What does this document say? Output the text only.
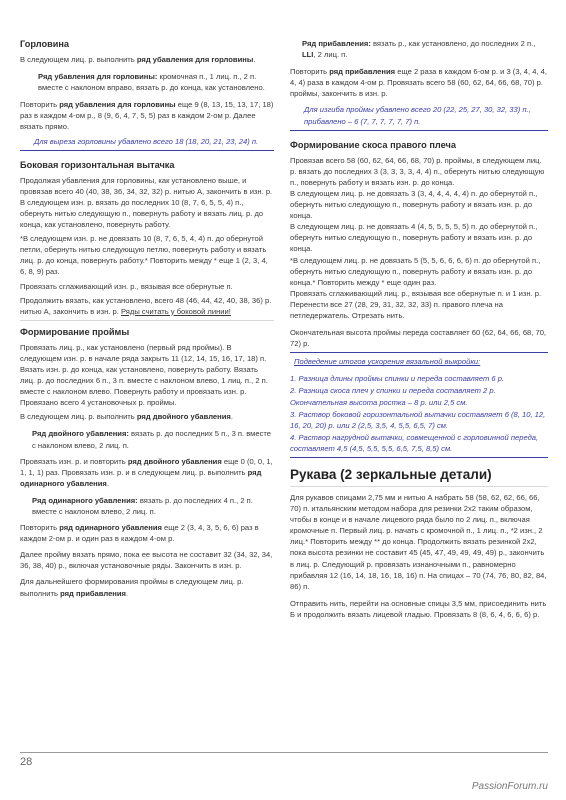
Горловина

В следующем лиц. р. выполнить ряд убавления для горловины.

Ряд убавления для горловины: кромочная п., 1 лиц. п., 2 п. вместе с наклоном вправо, вязать р. до конца, как установлено.

Повторить ряд убавления для горловины еще 9 (8, 13, 15, 13, 17, 18) раз в каждом 4-ом р., 8 (9, 6, 4, 7, 5, 5) раз в каждом 2-ом р. Далее вязать прямо.

Для выреза горловины убавлено всего 18 (18, 20, 21, 23, 24) п.

Боковая горизонтальная вытачка

Продолжая убавления для горловины, как установлено выше, и провязав всего 40 (40, 38, 36, 34, 32, 32) р. нитью А, закончить в изн. р. В следующем изн. р. вязать до последних 10 (8, 7, 6, 5, 5, 4) п., обернуть нитью следующую п., повернуть работу и вязать лиц. р. до конца, как установлено, повернуть работу.

*В следующем изн. р. не довязать 10 (8, 7, 6, 5, 4, 4) п. до обернутой петли, обернуть нитью следующую петлю, повернуть работу и вязать лиц. р. до конца, повернуть работу.* Повторить между * еще 1 (2, 3, 4, 6, 8, 9) раз.

Провязать сглаживающий изн. р., вязывая все обернутые п.

Продолжить вязать, как установлено, всего 48 (46, 44, 42, 40, 38, 36) р. нитью А, закончить в изн. р. Ряды считать у боковой линии!

Формирование проймы

Провязать лиц. р., как установлено (первый ряд проймы). В следующем изн. р. в начале ряда закрыть 11 (12, 14, 15, 16, 17, 18) п. Вязать изн. р. до конца, как установлено, повернуть работу. Вязать лиц. р. до последних 6 п., 3 п. вместе с наклоном влево, 1 лиц. п., 2 п. вместе с наклоном влево. Повернуть работу и провязать изн. р. Провязано всего 4 установочных р. проймы.

В следующем лиц. р. выполнить ряд двойного убавления.

Ряд двойного убавления: вязать р. до последних 5 п., 3 п. вместе с наклоном влево, 2 лиц. п.

Провязать изн. р. и повторить ряд двойного убавления еще 0 (0, 0, 1, 1, 1, 1) раз. Провязать изн. р. и в следующем лиц. р. выполнить ряд одинарного убавления.

Ряд одинарного убавления: вязать р. до последних 4 п., 2 п. вместе с наклоном влево, 2 лиц. п.

Повторить ряд одинарного убавления еще 2 (3, 4, 3, 5, 6, 6) раз в каждом 2-ом р. и один раз в каждом 4-ом р.

Далее пройму вязать прямо, пока ее высота не составит 32 (34, 32, 34, 36, 38, 40) р., включая установочные ряды. Закончить в изн. р.

Для дальнейшего формирования проймы в следующем лиц. р. выполнить ряд прибавления.

Ряд прибавления: вязать р., как установлено, до последних 2 п., LLI, 2 лиц. п.

Повторить ряд прибавления еще 2 раза в каждом 6-ом р. и 3 (3, 4, 4, 4, 4, 4) раза в каждом 4-ом р. Провязать всего 58 (60, 62, 64, 66, 68, 70) р. проймы, закончить в изн. р.

Для изгиба проймы убавлено всего 20 (22, 25, 27, 30, 32, 33) п., прибавлено – 6 (7, 7, 7, 7, 7, 7) п.

Формирование скоса правого плеча

Провязав всего 58 (60, 62, 64, 66, 68, 70) р. проймы, в следующем лиц. р. вязать до последних 3 (3, 3, 3, 3, 4, 4) п., обернуть нитью следующую п., повернуть работу и вязать изн. р. до конца.

В следующем лиц. р. не довязать 3 (3, 4, 4, 4, 4, 4) п. до обернутой п., обернуть нитью следующую п., повернуть работу и вязать изн. р. до конца.

В следующем лиц. р. не довязать 4 (4, 5, 5, 5, 5, 5) п. до обернутой п., обернуть нитью следующую п., повернуть работу и вязать изн. р. до конца.

*В следующем лиц. р. не довязать 5 (5, 5, 6, 6, 6, 6) п. до обернутой п., обернуть нитью следующую п., повернуть работу и вязать изн. р. до конца.* Повторить между * еще один раз.

Провязать сглаживающий лиц. р., вязывая все обернутые п. и 1 изн. р. Перенести все 27 (28, 29, 31, 32, 32, 33) п. правого плеча на петледержатель. Отрезать нить.

Окончательная высота проймы переда составляет 60 (62, 64, 66, 68, 70, 72) р.

Подведение итогов ускорения вязальной выкройки:

1. Разница длины проймы спинки и переда составляет 6 р.

2. Разница скоса плеч у спинки и переда составляет 2 р. Окончательная высота ростка – 8 р. или 2,5 см.

3. Раствор боковой горизонтальной вытачки составляет 6 (8, 10, 12, 16, 20, 20) р. или 2 (2,5, 3,5, 4, 5,5, 6,5, 7) см.

4. Раствор нагрудной вытачки, совмещенной с горловинной переда, составляет 4,5 (4,5, 5,5, 5,5, 6,5, 7,5, 8,5) см.

Рукава (2 зеркальные детали)

Для рукавов спицами 2,75 мм и нитью А набрать 58 (58, 62, 62, 66, 66, 70) п. итальянским методом набора для резинки 2х2 таким образом, чтобы в конце и в начале лицевого ряда было по 2 лиц. п., включая кромочные п. Первый лиц. р. начать с кромочной п., 1 лиц. п., *2 изн., 2 лиц.* Повторить между ** до конца. Продолжить вязать резинкой 2х2, пока высота резинки не составит 45 (45, 47, 49, 49, 49, 49) р., закончить в лиц. р. Следующий р. провязать изнаночными п., равномерно прибавляя 12 (16, 14, 18, 16, 18, 16) п. На спицах – 70 (74, 76, 80, 82, 84, 86) п.

Отправить нить, перейти на основные спицы 3,5 мм, присоединить нить Б и продолжить вязать лицевой гладью. Провязать 8 (8, 6, 4, 6, 6, 6) р.

28
PassionForum.ru
